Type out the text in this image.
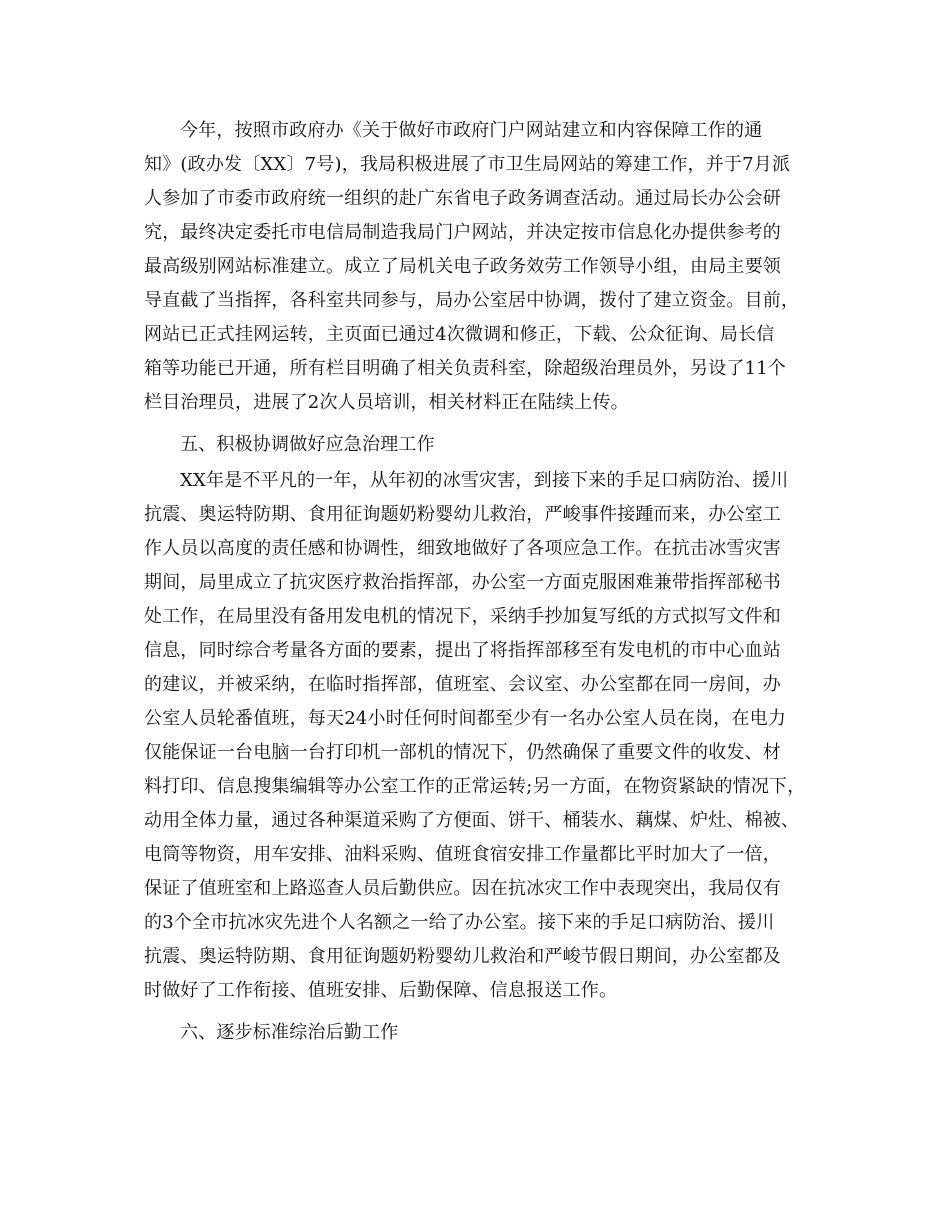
今年，按照市政府办《关于做好市政府门户网站建立和内容保障工作的通
知》(政办发〔XX〕7号)，我局积极进展了市卫生局网站的筹建工作，并于7月派
人参加了市委市政府统一组织的赴广东省电子政务调查活动。通过局长办公会研
究，最终决定委托市电信局制造我局门户网站，并决定按市信息化办提供参考的
最高级别网站标准建立。成立了局机关电子政务效劳工作领导小组，由局主要领
导直截了当指挥，各科室共同参与，局办公室居中协调，拨付了建立资金。目前，
网站已正式挂网运转，主页面已通过4次微调和修正，下载、公众征询、局长信
箱等功能已开通，所有栏目明确了相关负责科室，除超级治理员外，另设了11个
栏目治理员，进展了2次人员培训，相关材料正在陆续上传。
五、积极协调做好应急治理工作
XX年是不平凡的一年，从年初的冰雪灾害，到接下来的手足口病防治、援川
抗震、奥运特防期、食用征询题奶粉婴幼儿救治，严峻事件接踵而来，办公室工
作人员以高度的责任感和协调性，细致地做好了各项应急工作。在抗击冰雪灾害
期间，局里成立了抗灾医疗救治指挥部，办公室一方面克服困难兼带指挥部秘书
处工作，在局里没有备用发电机的情况下，采纳手抄加复写纸的方式拟写文件和
信息，同时综合考量各方面的要素，提出了将指挥部移至有发电机的市中心血站
的建议，并被采纳，在临时指挥部，值班室、会议室、办公室都在同一房间，办
公室人员轮番值班，每天24小时任何时间都至少有一名办公室人员在岗，在电力
仅能保证一台电脑一台打印机一部机的情况下，仍然确保了重要文件的收发、材
料打印、信息搜集编辑等办公室工作的正常运转;另一方面，在物资紧缺的情况下，
动用全体力量，通过各种渠道采购了方便面、饼干、桶装水、藕煤、炉灶、棉被、
电筒等物资，用车安排、油料采购、值班食宿安排工作量都比平时加大了一倍，
保证了值班室和上路巡查人员后勤供应。因在抗冰灾工作中表现突出，我局仅有
的3个全市抗冰灾先进个人名额之一给了办公室。接下来的手足口病防治、援川
抗震、奥运特防期、食用征询题奶粉婴幼儿救治和严峻节假日期间，办公室都及
时做好了工作衔接、值班安排、后勤保障、信息报送工作。
六、逐步标准综治后勤工作
